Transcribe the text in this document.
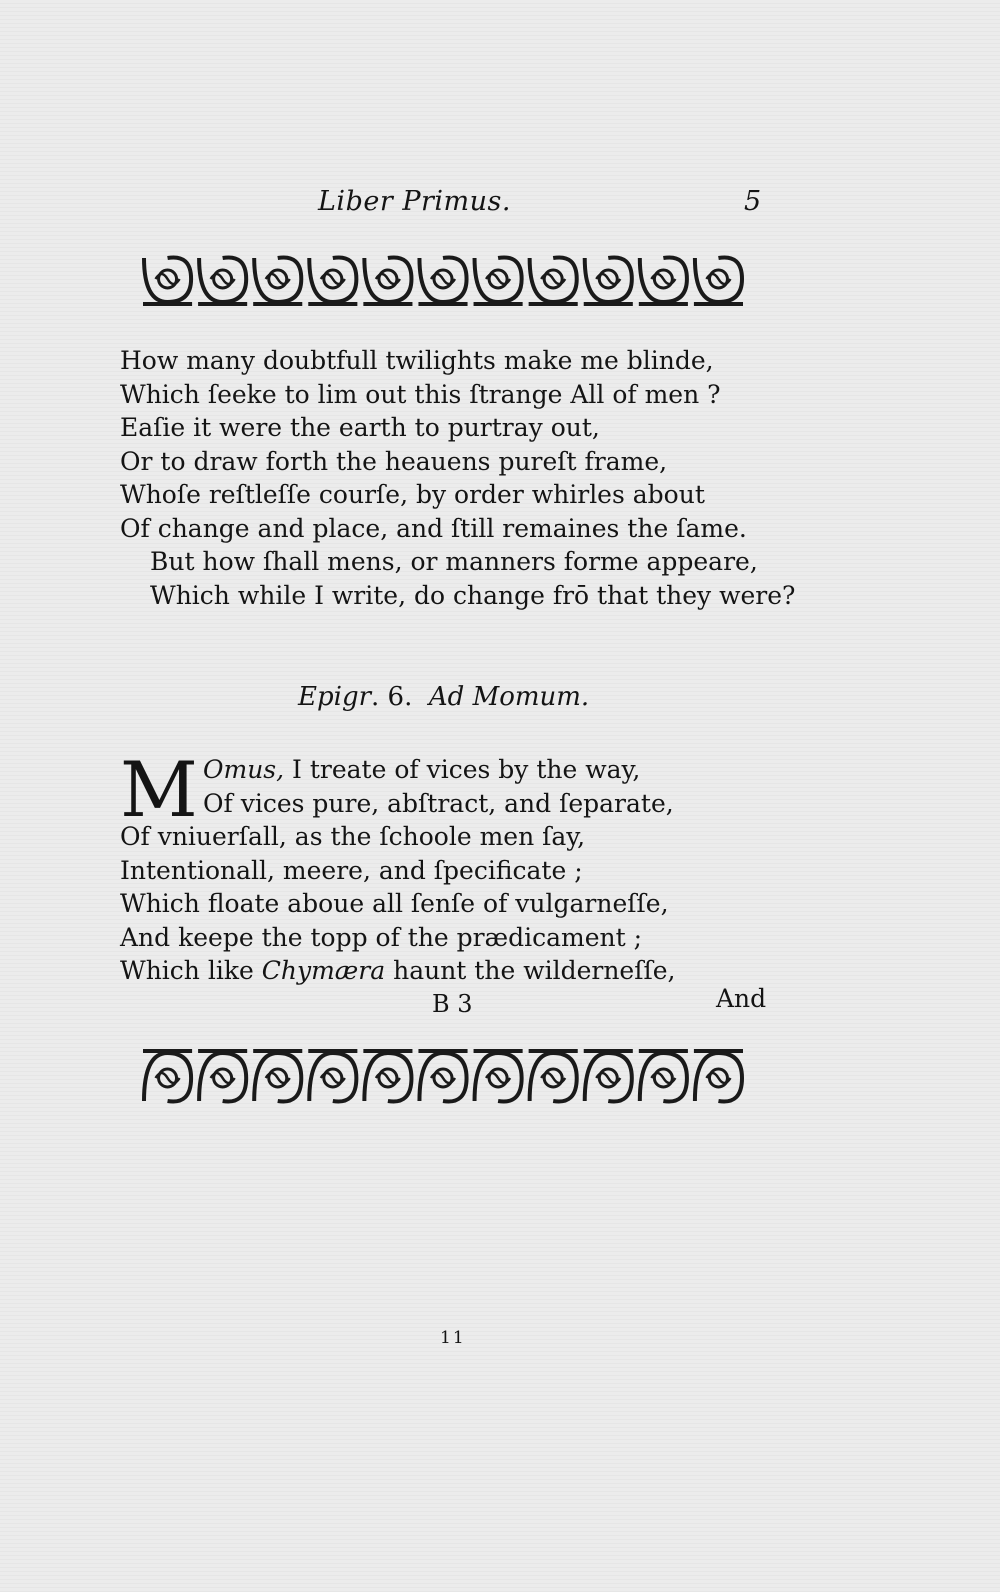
Liber Primus.	5
How many doubtfull twilights make me blinde,
Which ſeeke to lim out this ſtrange All of men ?
Eaſie it were the earth to purtray out,
Or to draw forth the heauens pureſt frame,
Whoſe reſtleſſe courſe, by order whirles about
Of change and place, and ſtill remaines the ſame.
But how ſhall mens, or manners forme appeare,
Which while I write, do change frō that they were?
Epigr. 6. Ad Momum.
M Omus, I treate of vices by the way,
Of vices pure, abſtract, and ſeparate,
Of vniuerſall, as the ſchoole men ſay,
Intentionall, meere, and ſpecificate ;
Which floate aboue all ſenſe of vulgarneſſe,
And keepe the topp of the prædicament ;
Which like Chymæra haunt the wilderneſſe,
B 3	And
11
